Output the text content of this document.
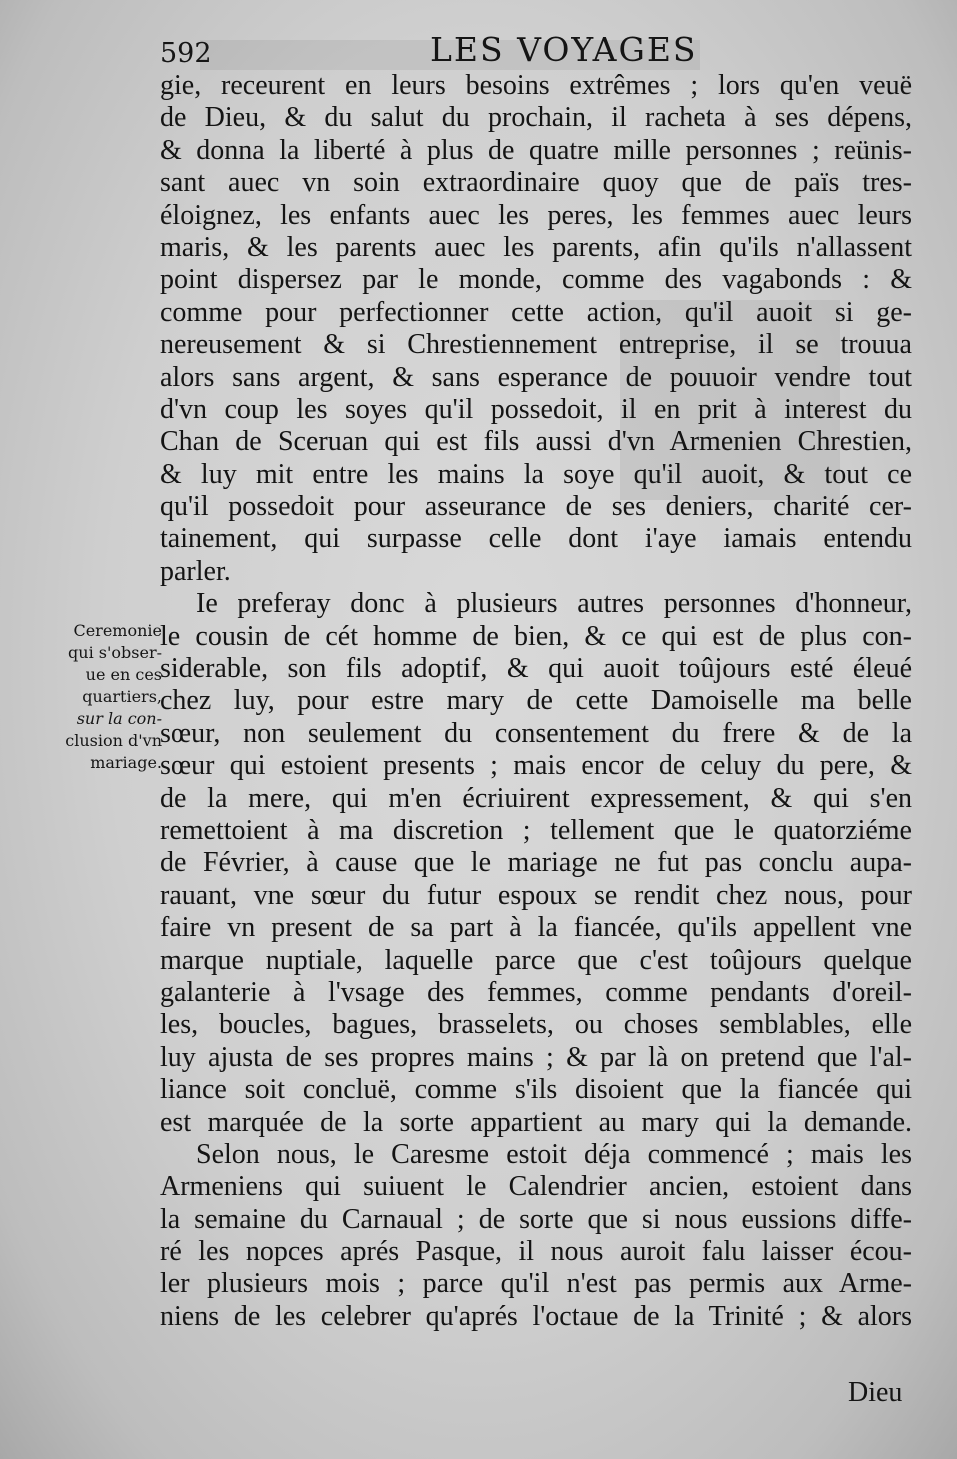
592	LES VOYAGES
Ceremonie
qui s'obser-
ue en ces
quartiers,
sur la con-
clusion d'vn
mariage.
gie, receurent en leurs besoins extrêmes ; lors qu'en veuë
de Dieu, & du salut du prochain, il racheta à ses dépens,
& donna la liberté à plus de quatre mille personnes ; reünis-
sant auec vn soin extraordinaire quoy que de païs tres-
éloignez, les enfants auec les peres, les femmes auec leurs
maris, & les parents auec les parents, afin qu'ils n'allassent
point dispersez par le monde, comme des vagabonds : &
comme pour perfectionner cette action, qu'il auoit si ge-
nereusement & si Chrestiennement entreprise, il se trouua
alors sans argent, & sans esperance de pouuoir vendre tout
d'vn coup les soyes qu'il possedoit, il en prit à interest du
Chan de Sceruan qui est fils aussi d'vn Armenien Chrestien,
& luy mit entre les mains la soye qu'il auoit, & tout ce
qu'il possedoit pour asseurance de ses deniers, charité cer-
tainement, qui surpasse celle dont i'aye iamais entendu
parler.
Ie preferay donc à plusieurs autres personnes d'honneur,
le cousin de cét homme de bien, & ce qui est de plus con-
siderable, son fils adoptif, & qui auoit toûjours esté éleué
chez luy, pour estre mary de cette Damoiselle ma belle
sœur, non seulement du consentement du frere & de la
sœur qui estoient presents ; mais encor de celuy du pere, &
de la mere, qui m'en écriuirent expressement, & qui s'en
remettoient à ma discretion ; tellement que le quatorziéme
de Février, à cause que le mariage ne fut pas conclu aupa-
rauant, vne sœur du futur espoux se rendit chez nous, pour
faire vn present de sa part à la fiancée, qu'ils appellent vne
marque nuptiale, laquelle parce que c'est toûjours quelque
galanterie à l'vsage des femmes, comme pendants d'oreil-
les, boucles, bagues, brasselets, ou choses semblables, elle
luy ajusta de ses propres mains ; & par là on pretend que l'al-
liance soit concluë, comme s'ils disoient que la fiancée qui
est marquée de la sorte appartient au mary qui la demande.
Selon nous, le Caresme estoit déja commencé ; mais les
Armeniens qui suiuent le Calendrier ancien, estoient dans
la semaine du Carnaual ; de sorte que si nous eussions diffe-
ré les nopces aprés Pasque, il nous auroit falu laisser écou-
ler plusieurs mois ; parce qu'il n'est pas permis aux Arme-
niens de les celebrer qu'aprés l'octaue de la Trinité ; & alors
Dieu
